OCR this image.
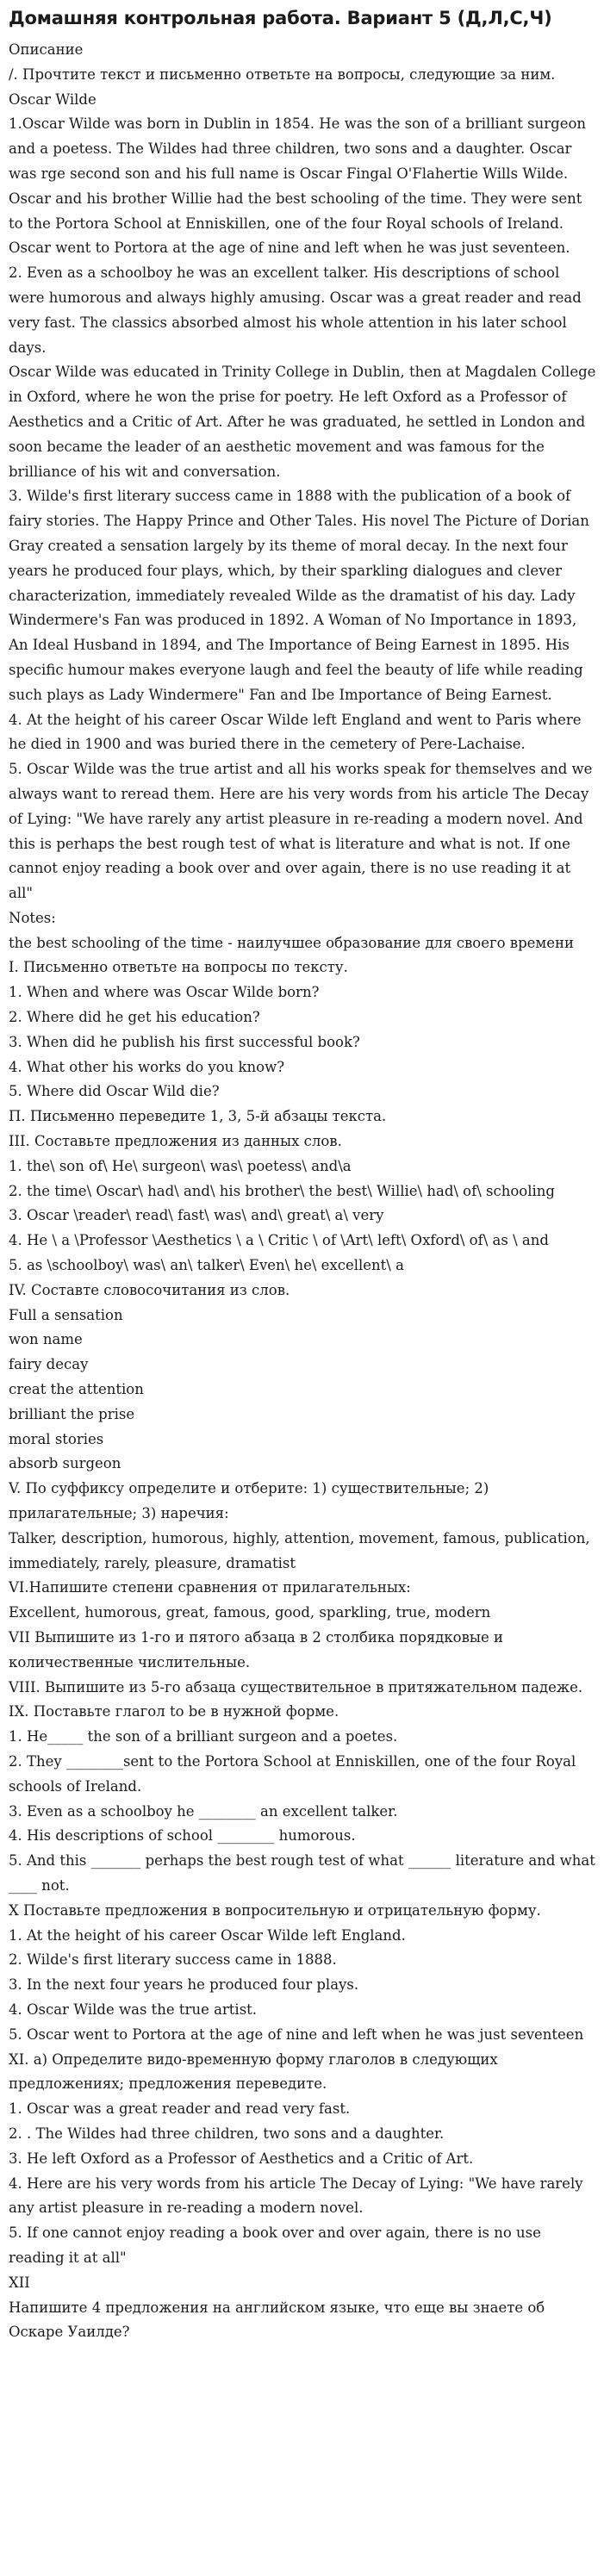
Домашняя контрольная работа. Вариант 5 (Д,Л,С,Ч)
Описание
/. Прочтите текст и письменно ответьте на вопросы, следующие за ним.
Oscar Wilde
1.Oscar Wilde was born in Dublin in 1854. He was the son of a brilliant surgeon and a poetess. The Wildes had three children, two sons and a daughter. Oscar was rge second son and his full name is Oscar Fingal O'Flahertie Wills Wilde.
Oscar and his brother Willie had the best schooling of the time. They were sent to the Portora School at Enniskillen, one of the four Royal schools of Ireland. Oscar went to Portora at the age of nine and left when he was just seventeen.
2. Even as a schoolboy he was an excellent talker. His descriptions of school were humorous and always highly amusing. Oscar was a great reader and read very fast. The classics absorbed almost his whole attention in his later school days.
Oscar Wilde was educated in Trinity College in Dublin, then at Magdalen College in Oxford, where he won the prise for poetry. He left Oxford as a Professor of Aesthetics and a Critic of Art. After he was graduated, he settled in London and soon became the leader of an aesthetic movement and was famous for the brilliance of his wit and conversation.
3. Wilde's first literary success came in 1888 with the publication of a book of fairy stories. The Happy Prince and Other Tales. His novel The Picture of Dorian Gray created a sensation largely by its theme of moral decay. In the next four years he produced four plays, which, by their sparkling dialogues and clever characterization, immediately revealed Wilde as the dramatist of his day. Lady Windermere's Fan was produced in 1892. A Woman of No Importance in 1893, An Ideal Husband in 1894, and The Importance of Being Earnest in 1895. His specific humour makes everyone laugh and feel the beauty of life while reading such plays as Lady Windermere" Fan and Ibe Importance of Being Earnest.
4. At the height of his career Oscar Wilde left England and went to Paris where he died in 1900 and was buried there in the cemetery of Pere-Lachaise.
5. Oscar Wilde was the true artist and all his works speak for themselves and we always want to reread them. Here are his very words from his article The Decay of Lying: "We have rarely any artist pleasure in re-reading a modern novel. And this is perhaps the best rough test of what is literature and what is not. If one cannot enjoy reading a book over and over again, there is no use reading it at all"
Notes:
the best schooling of the time - наилучшее образование для своего времени
I. Письменно ответьте на вопросы по тексту.
1. When and where was Oscar Wilde born?
2. Where did he get his education?
3. When did he publish his first successful book?
4. What other his works do you know?
5. Where did Oscar Wild die?
П. Письменно переведите 1, 3, 5-й абзацы текста.
III. Составьте предложения из данных слов.
1. the\ son of\ He\ surgeon\ was\ poetess\ and\a
2. the time\ Oscar\ had\ and\ his brother\ the best\ Willie\ had\ of\ schooling
3. Oscar \reader\ read\ fast\ was\ and\ great\ a\ very
4. He \ a \Professor \Aesthetics \ a \ Critic \ of \Art\ left\ Oxford\ of\ as \ and
5. as \schoolboy\ was\ an\ talker\ Even\ he\ excellent\ a
IV. Составте словосочитания из слов.
Full a sensation
won name
fairy decay
creat the attention
brilliant the prise
moral stories
absorb surgeon
V. По суффиксу определите и отберите: 1) существительные; 2) прилагательные; 3) наречия:
Talker, description, humorous, highly, attention, movement, famous, publication, immediately, rarely, pleasure, dramatist
VI.Напишите степени сравнения от прилагательных:
Excellent, humorous, great, famous, good, sparkling, true, modern
VII Выпишите из 1-го и пятого абзаца в 2 столбика порядковые и количественные числительные.
VIII. Выпишите из 5-го абзаца существительное в притяжательном падеже.
IX. Поставьте глагол to be в нужной форме.
1. He_____ the son of a brilliant surgeon and a poetes.
2. They ________sent to the Portora School at Enniskillen, one of the four Royal schools of Ireland.
3. Even as a schoolboy he ________ an excellent talker.
4. His descriptions of school ________ humorous.
5. And this _______ perhaps the best rough test of what ______ literature and what ____ not.
Х Поставьте предложения в вопросительную и отрицательную форму.
1. At the height of his career Oscar Wilde left England.
2. Wilde's first literary success came in 1888.
3. In the next four years he produced four plays.
4. Oscar Wilde was the true artist.
5. Oscar went to Portora at the age of nine and left when he was just seventeen
XI. a) Определите видо-временную форму глаголов в следующих предложениях; предложения переведите.
1. Oscar was a great reader and read very fast.
2. . The Wildes had three children, two sons and a daughter.
3. He left Oxford as a Professor of Aesthetics and a Critic of Art.
4. Here are his very words from his article The Decay of Lying: "We have rarely any artist pleasure in re-reading a modern novel.
5. If one cannot enjoy reading a book over and over again, there is no use reading it at all"
XII
Напишите 4 предложения на английском языке, что еще вы знаете об Оскаре Уаилде?
